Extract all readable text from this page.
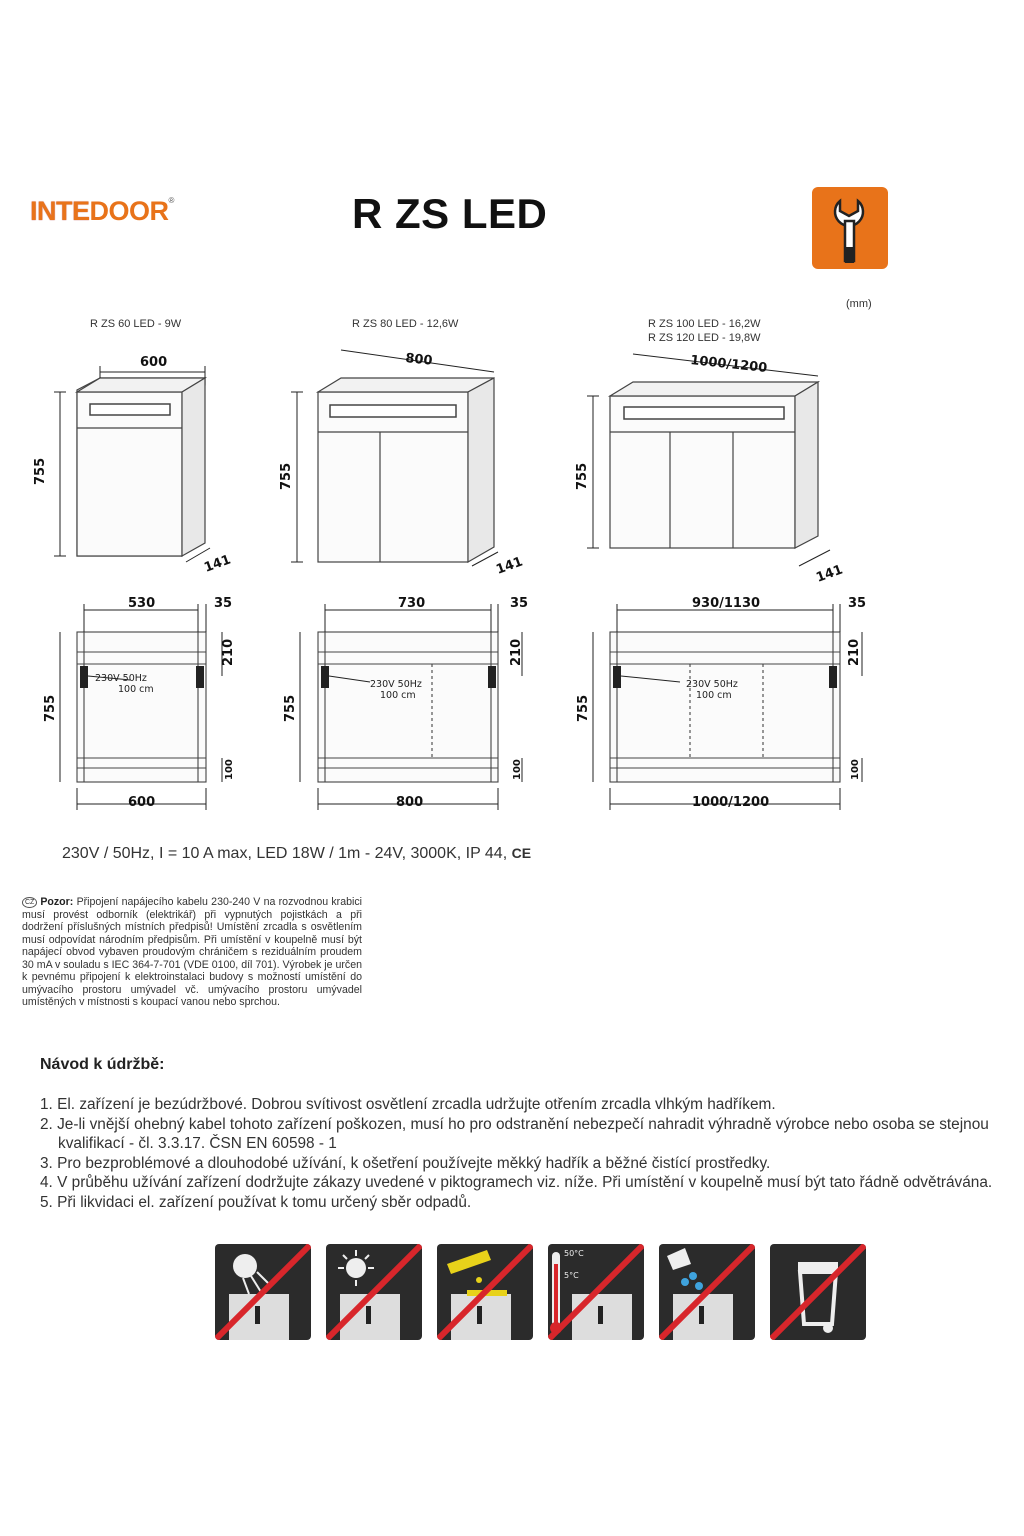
INTEDOOR®	R ZS LED
(mm)
R ZS 60 LED - 9W	R ZS 80 LED - 12,6W	R ZS 100 LED - 16,2W
R ZS 120 LED - 19,8W
600
755
141
800
755
141
1000/1200
755
141
530	35
210
755
100
600
730	35
210
755
100
800
930/1130	35
210
755
100
1000/1200
230V 50Hz
100 cm	230V 50Hz
100 cm
230V 50Hz
100 cm
230V / 50Hz, I = 10 A max, LED 18W / 1m - 24V, 3000K, IP 44, CE
CZ Pozor: Připojení napájecího kabelu 230-240 V na rozvodnou krabici musí provést odborník (elektrikář) při vypnutých pojistkách a při dodržení příslušných místních předpisů! Umístění zrcadla s osvětlením musí odpovídat národním předpisům. Při umístění v koupelně musí být napájecí obvod vybaven proudovým chráničem s reziduálním proudem 30 mA v souladu s IEC 364-7-701 (VDE 0100, díl 701). Výrobek je určen k pevnému připojení k elektroinstalaci budovy s možností umístění do umývacího prostoru umývadel vč. umývacího prostoru umývadel umístěných v místnosti s koupací vanou nebo sprchou.
Návod k údržbě:
1. El. zařízení je bezúdržbové. Dobrou svítivost osvětlení zrcadla udržujte otřením zrcadla vlhkým hadříkem.
2. Je-li vnější ohebný kabel tohoto zařízení poškozen, musí ho pro odstranění nebezpečí nahradit výhradně výrobce nebo osoba se stejnou kvalifikací - čl. 3.3.17. ČSN EN 60598 - 1
3. Pro bezproblémové a dlouhodobé užívání, k ošetření používejte měkký hadřík a běžné čistící prostředky.
4. V průběhu užívání zařízení dodržujte zákazy uvedené v piktogramech viz. níže. Při umístění v koupelně musí být tato řádně odvětrávána.
5. Při likvidaci el. zařízení používat k tomu určený sběr odpadů.
50°C
5°C
